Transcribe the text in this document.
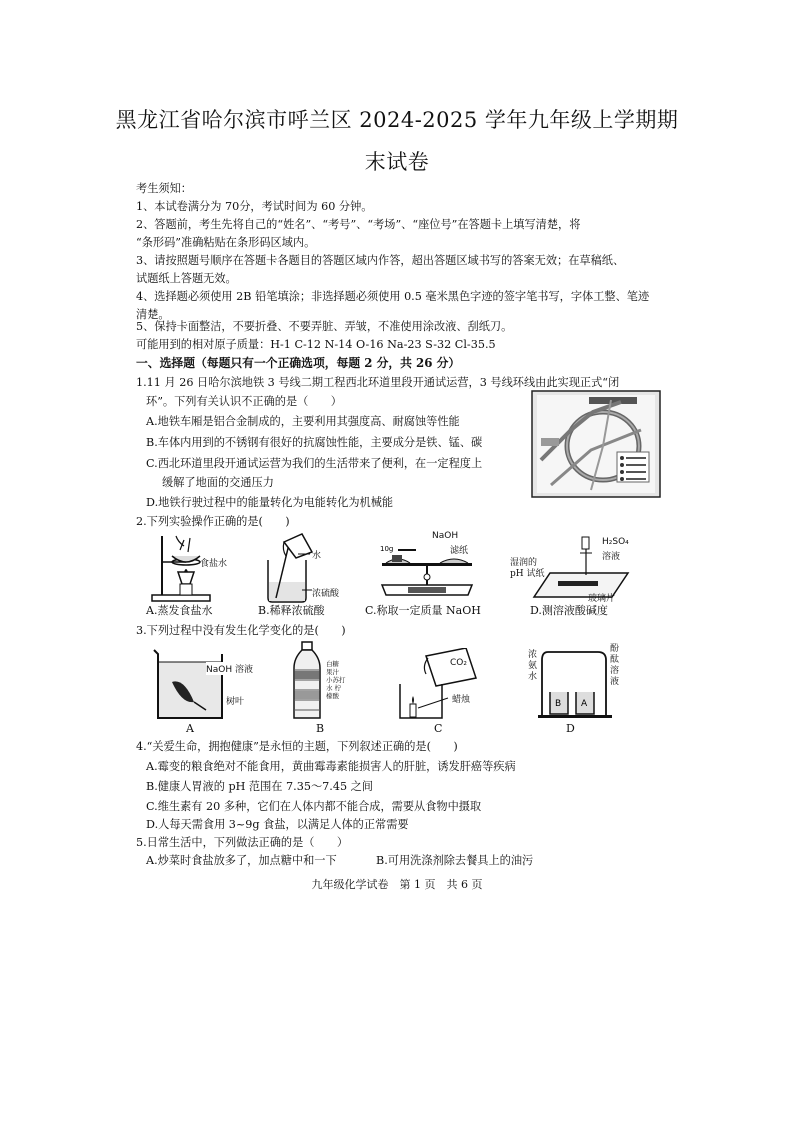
黑龙江省哈尔滨市呼兰区 2024-2025 学年九年级上学期期
末试卷
考生须知：
1、本试卷满分为 70分，考试时间为 60 分钟。
2、答题前，考生先将自己的“姓名”、“考号”、“考场”、“座位号”在答题卡上填写清楚，将
“条形码”准确粘贴在条形码区域内。
3、请按照题号顺序在答题卡各题目的答题区域内作答，超出答题区域书写的答案无效；在草稿纸、
试题纸上答题无效。
4、选择题必须使用 2B 铅笔填涂；非选择题必须使用 0.5 毫米黑色字迹的签字笔书写，字体工整、笔迹
清楚。
5、保持卡面整洁，不要折叠、不要弄脏、弄皱，不准使用涂改液、刮纸刀。
可能用到的相对原子质量：H-1 C-12 N-14 O-16 Na-23 S-32 Cl-35.5
一、选择题（每题只有一个正确选项，每题 2 分，共 26 分）
1.11 月 26 日哈尔滨地铁 3 号线二期工程西北环道里段开通试运营，3 号线环线由此实现正式“闭
环”。下列有关认识不正确的是（　　）
A.地铁车厢是铝合金制成的，主要利用其强度高、耐腐蚀等性能
B.车体内用到的不锈钢有很好的抗腐蚀性能，主要成分是铁、锰、碳
C.西北环道里段开通试运营为我们的生活带来了便利，在一定程度上
缓解了地面的交通压力
D.地铁行驶过程中的能量转化为电能转化为机械能
2.下列实验操作正确的是(　　)
食盐水
A.蒸发食盐水
水
浓硫酸
B.稀释浓硫酸
10g
NaOH
滤纸
C.称取一定质量 NaOH
湿润的
pH 试纸
H₂SO₄
溶液
玻璃片
D.测溶液酸碱度
3.下列过程中没有发生化学变化的是(　　)
NaOH 溶液
树叶
A
白糖 果汁 小苏打 水 柠檬酸
B
CO₂
蜡烛
C
B A
浓氨水
酚酞溶液
D
4.“关爱生命，拥抱健康”是永恒的主题，下列叙述正确的是(　　)
A.霉变的粮食绝对不能食用，黄曲霉毒素能损害人的肝脏，诱发肝癌等疾病
B.健康人胃液的 pH 范围在 7.35～7.45 之间
C.维生素有 20 多种，它们在人体内都不能合成，需要从食物中摄取
D.人每天需食用 3~9g 食盐，以满足人体的正常需要
5.日常生活中，下列做法正确的是（　　）
A.炒菜时食盐放多了，加点糖中和一下	B.可用洗涤剂除去餐具上的油污
九年级化学试卷　第 1 页　共 6 页
